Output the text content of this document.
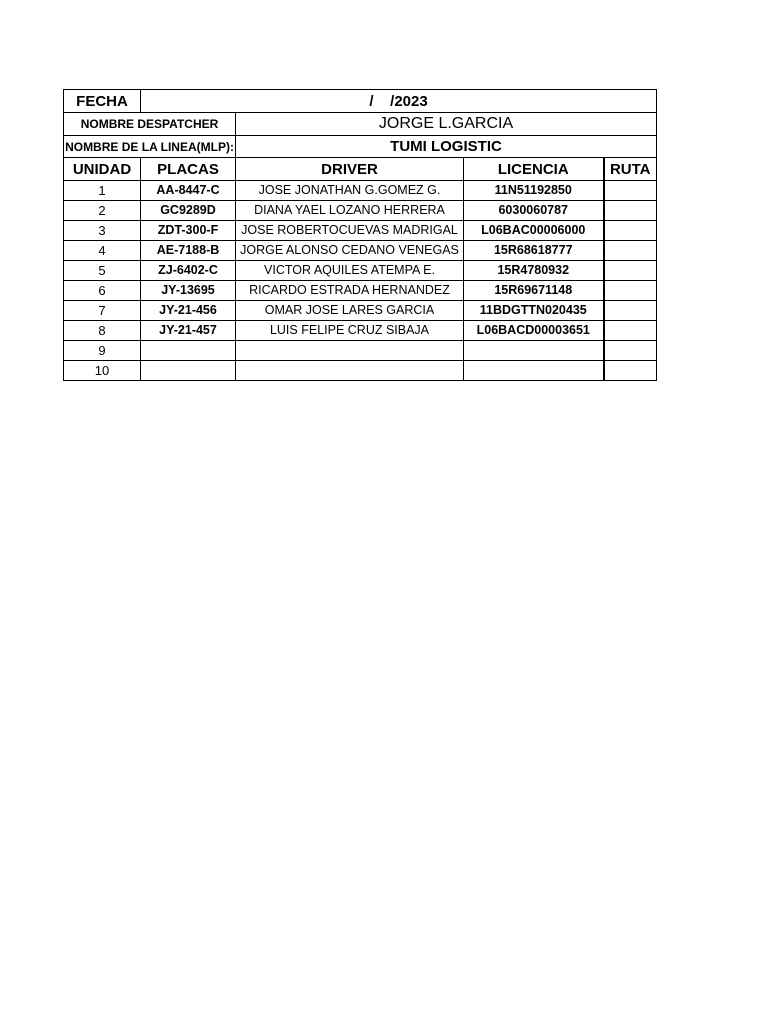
FECHA	/    /2023			
NOMBRE DESPATCHER		JORGE L.GARCIA		
NOMBRE DE LA LINEA(MLP):		TUMI LOGISTIC		
UNIDAD	PLACAS	DRIVER	LICENCIA	RUTA
1	AA-8447-C	JOSE JONATHAN G.GOMEZ G.	11N51192850	
2	GC9289D	DIANA YAEL LOZANO HERRERA	6030060787	
3	ZDT-300-F	JOSE ROBERTOCUEVAS MADRIGAL	L06BAC00006000	
4	AE-7188-B	JORGE ALONSO CEDANO VENEGAS	15R68618777	
5	ZJ-6402-C	VICTOR AQUILES ATEMPA E.	15R4780932	
6	JY-13695	RICARDO ESTRADA HERNANDEZ	15R69671148	
7	JY-21-456	OMAR JOSE LARES GARCIA	11BDGTTN020435	
8	JY-21-457	LUIS FELIPE CRUZ SIBAJA	L06BACD00003651	
9				
10				
